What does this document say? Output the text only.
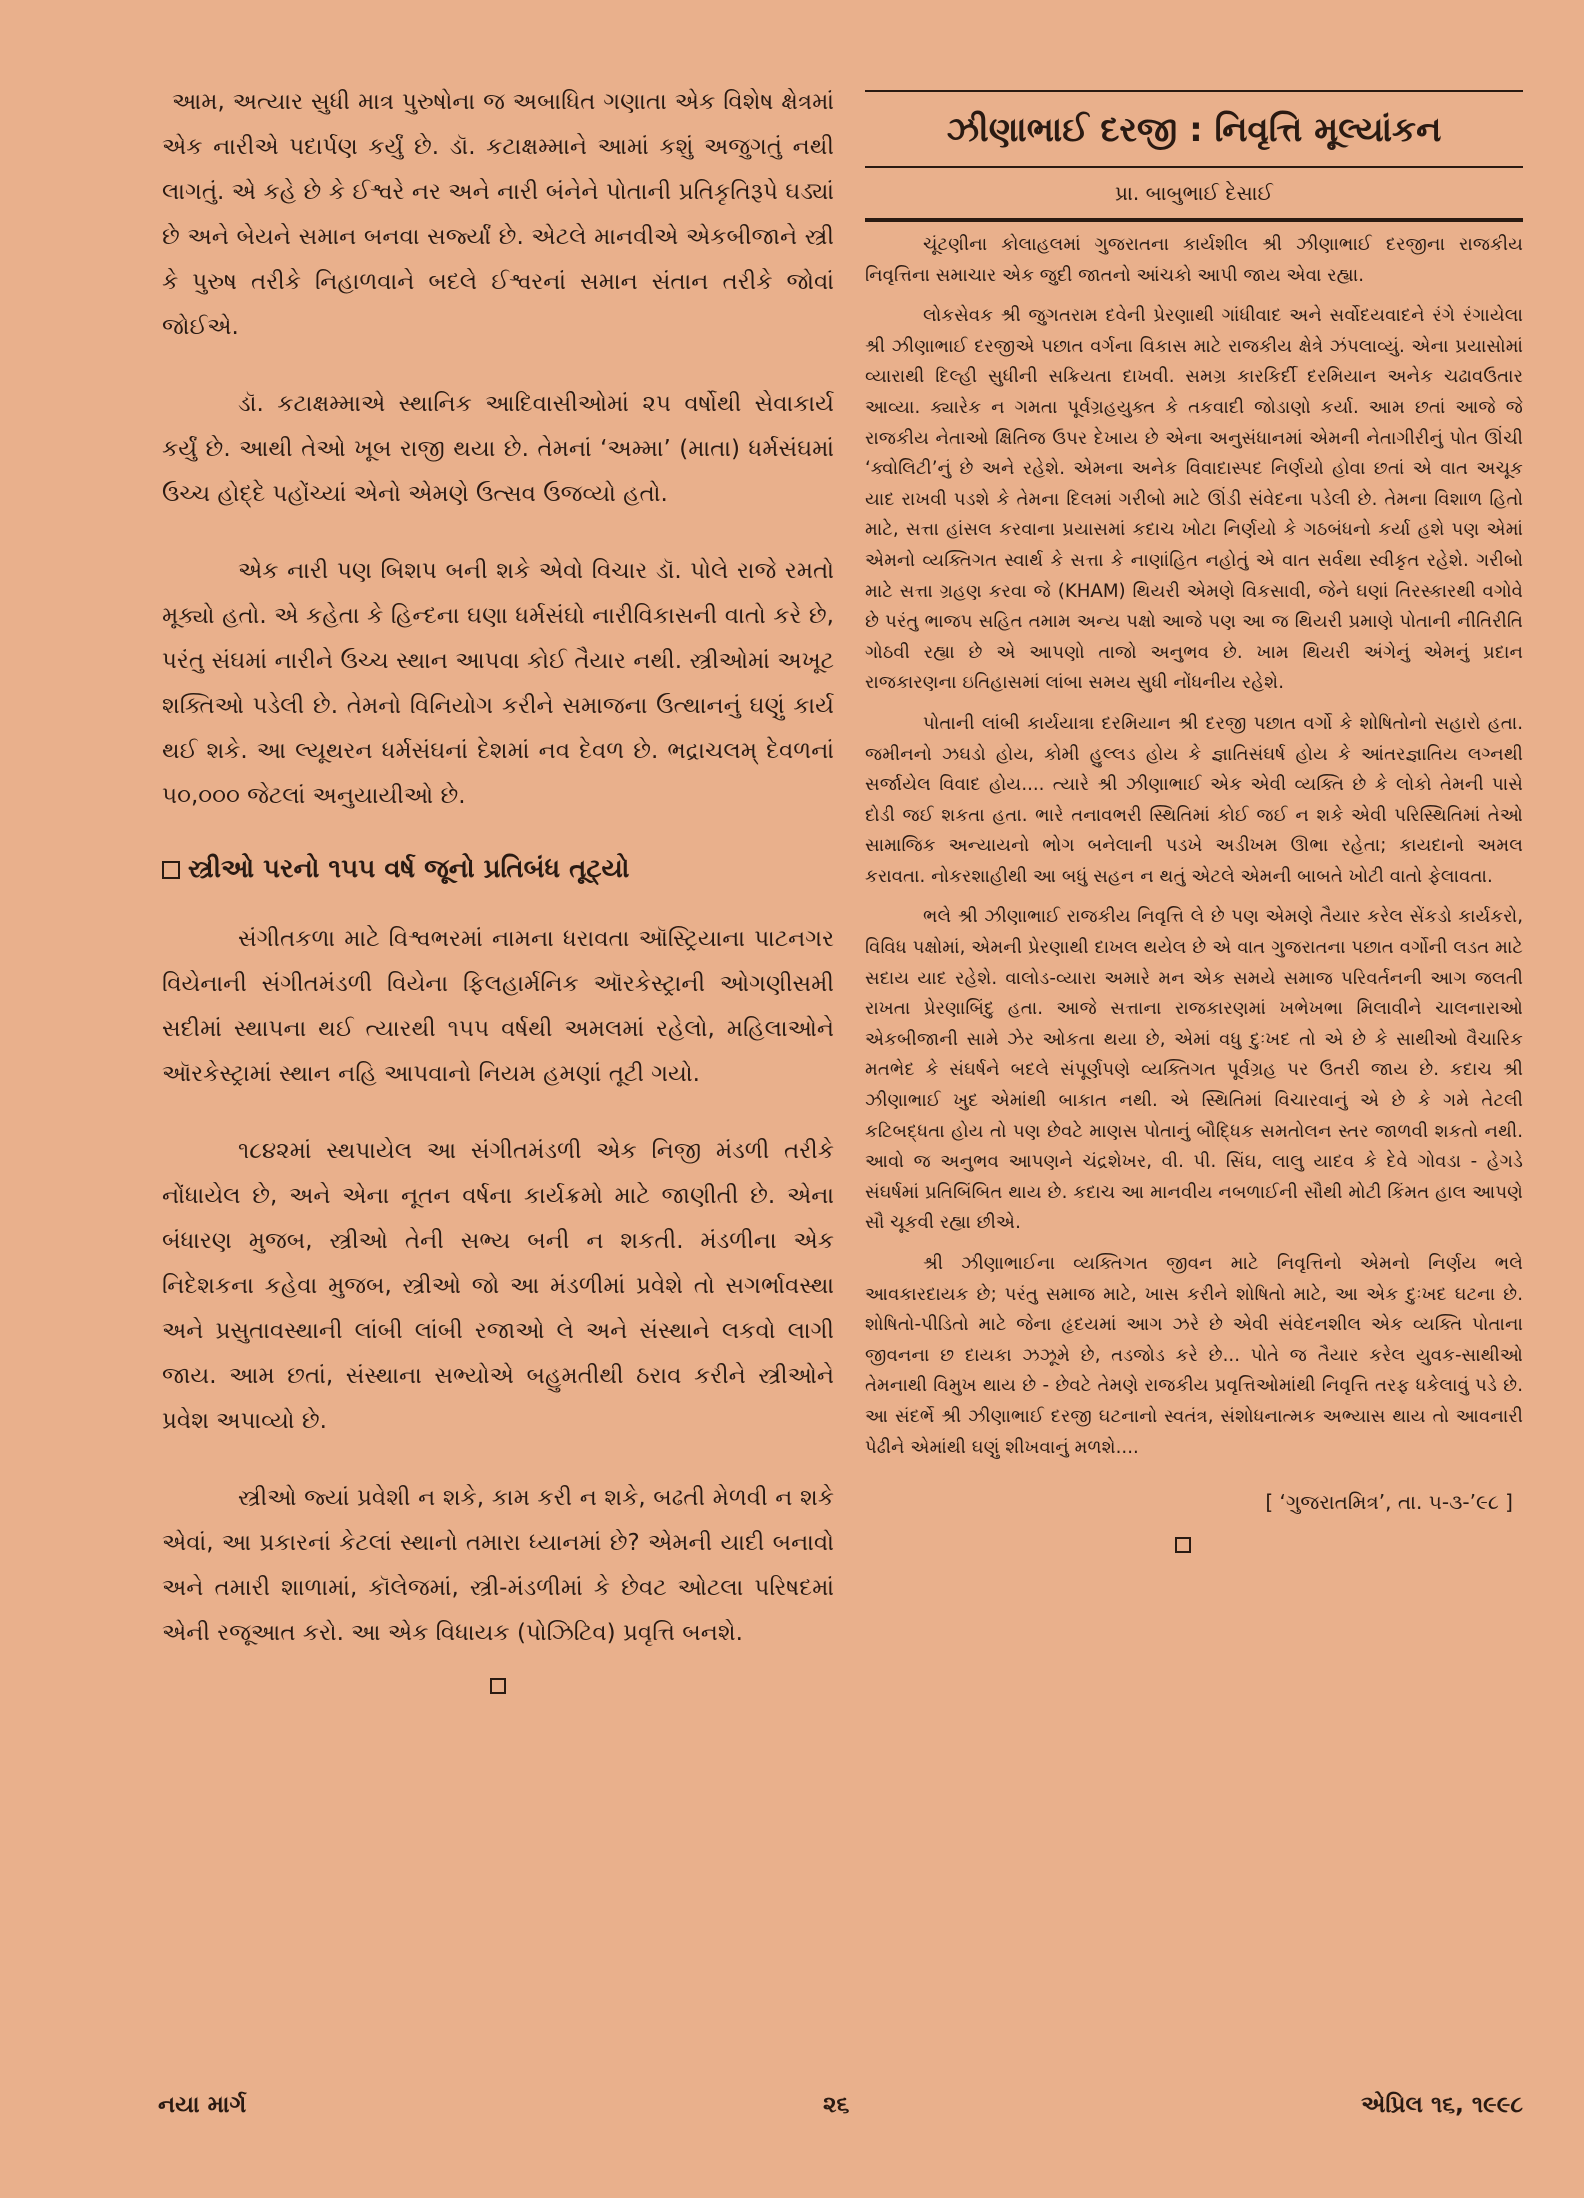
આમ, અત્યાર સુધી માત્ર પુરુષોના જ અબાધિત ગણાતા એક વિશેષ ક્ષેત્રમાં એક નારીએ પદાર્પણ કર્યું છે. ડૉ. કટાક્ષમ્માને આમાં કશું અજુગતું નથી લાગતું. એ કહે છે કે ઈશ્વરે નર અને નારી બંનેને પોતાની પ્રતિકૃતિરૂપે ઘડ્યાં છે અને બેયને સમાન બનવા સર્જ્યાં છે. એટલે માનવીએ એકબીજાને સ્ત્રી કે પુરુષ તરીકે નિહાળવાને બદલે ઈશ્વરનાં સમાન સંતાન તરીકે જોવાં જોઈએ.

ડૉ. કટાક્ષમ્માએ સ્થાનિક આદિવાસીઓમાં ૨૫ વર્ષોથી સેવાકાર્ય કર્યું છે. આથી તેઓ ખૂબ રાજી થયા છે. તેમનાં ‘અમ્મા’ (માતા) ધર્મસંઘમાં ઉચ્ચ હોદ્દે પહોંચ્યાં એનો એમણે ઉત્સવ ઉજવ્યો હતો.

એક નારી પણ બિશપ બની શકે એવો વિચાર ડૉ. પોલે રાજે રમતો મૂક્યો હતો. એ કહેતા કે હિન્દના ઘણા ધર્મસંઘો નારીવિકાસની વાતો કરે છે, પરંતુ સંઘમાં નારીને ઉચ્ચ સ્થાન આપવા કોઈ તૈયાર નથી. સ્ત્રીઓમાં અખૂટ શક્તિઓ પડેલી છે. તેમનો વિનિયોગ કરીને સમાજના ઉત્થાનનું ઘણું કાર્ય થઈ શકે. આ લ્યૂથરન ધર્મસંઘનાં દેશમાં નવ દેવળ છે. ભદ્રાચલમ્ દેવળનાં ૫૦,૦૦૦ જેટલાં અનુયાયીઓ છે.

સ્ત્રીઓ પરનો ૧૫૫ વર્ષ જૂનો પ્રતિબંધ તૂટ્યો

સંગીતકળા માટે વિશ્વભરમાં નામના ધરાવતા ઑસ્ટ્રિયાના પાટનગર વિયેનાની સંગીતમંડળી વિયેના ફિલહાર્મનિક ઑરકેસ્ટ્રાની ઓગણીસમી સદીમાં સ્થાપના થઈ ત્યારથી ૧૫૫ વર્ષથી અમલમાં રહેલો, મહિલાઓને ઑરકેસ્ટ્રામાં સ્થાન નહિ આપવાનો નિયમ હમણાં તૂટી ગયો.

૧૮૪૨માં સ્થપાયેલ આ સંગીતમંડળી એક નિજી મંડળી તરીકે નોંધાયેલ છે, અને એના નૂતન વર્ષના કાર્યક્રમો માટે જાણીતી છે. એના બંધારણ મુજબ, સ્ત્રીઓ તેની સભ્ય બની ન શકતી. મંડળીના એક નિદેશકના કહેવા મુજબ, સ્ત્રીઓ જો આ મંડળીમાં પ્રવેશે તો સગર્ભાવસ્થા અને પ્રસુતાવસ્થાની લાંબી લાંબી રજાઓ લે અને સંસ્થાને લકવો લાગી જાય. આમ છતાં, સંસ્થાના સભ્યોએ બહુમતીથી ઠરાવ કરીને સ્ત્રીઓને પ્રવેશ અપાવ્યો છે.

સ્ત્રીઓ જ્યાં પ્રવેશી ન શકે, કામ કરી ન શકે, બઢતી મેળવી ન શકે એવાં, આ પ્રકારનાં કેટલાં સ્થાનો તમારા ધ્યાનમાં છે? એમની યાદી બનાવો અને તમારી શાળામાં, કૉલેજમાં, સ્ત્રી-મંડળીમાં કે છેવટ ઓટલા પરિષદમાં એની રજૂઆત કરો. આ એક વિધાયક (પોઝિટિવ) પ્રવૃત્તિ બનશે.

ઝીણાભાઈ દરજી : નિવૃત્તિ મૂલ્યાંકન
પ્રા. બાબુભાઈ દેસાઈ

ચૂંટણીના કોલાહલમાં ગુજરાતના કાર્યશીલ શ્રી ઝીણાભાઈ દરજીના રાજકીય નિવૃત્તિના સમાચાર એક જુદી જાતનો આંચકો આપી જાય એવા રહ્યા.

લોકસેવક શ્રી જુગતરામ દવેની પ્રેરણાથી ગાંધીવાદ અને સર્વોદયવાદને રંગે રંગાયેલા શ્રી ઝીણાભાઈ દરજીએ પછાત વર્ગના વિકાસ માટે રાજકીય ક્ષેત્રે ઝંપલાવ્યું. એના પ્રયાસોમાં વ્યારાથી દિલ્હી સુધીની સક્રિયતા દાખવી. સમગ્ર કારકિર્દી દરમિયાન અનેક ચઢાવઉતાર આવ્યા. ક્યારેક ન ગમતા પૂર્વગ્રહયુક્ત કે તકવાદી જોડાણો કર્યા. આમ છતાં આજે જે રાજકીય નેતાઓ ક્ષિતિજ ઉપર દેખાય છે એના અનુસંધાનમાં એમની નેતાગીરીનું પોત ઊંચી ‘ક્વોલિટી’નું છે અને રહેશે. એમના અનેક વિવાદાસ્પદ નિર્ણયો હોવા છતાં એ વાત અચૂક યાદ રાખવી પડશે કે તેમના દિલમાં ગરીબો માટે ઊંડી સંવેદના પડેલી છે. તેમના વિશાળ હિતો માટે, સત્તા હાંસલ કરવાના પ્રયાસમાં કદાચ ખોટા નિર્ણયો કે ગઠબંધનો કર્યા હશે પણ એમાં એમનો વ્યક્તિગત સ્વાર્થ કે સત્તા કે નાણાંહિત નહોતું એ વાત સર્વથા સ્વીકૃત રહેશે. ગરીબો માટે સત્તા ગ્રહણ કરવા જે (KHAM) થિયરી એમણે વિકસાવી, જેને ઘણાં તિરસ્કારથી વગોવે છે પરંતુ ભાજપ સહિત તમામ અન્ય પક્ષો આજે પણ આ જ થિયરી પ્રમાણે પોતાની નીતિરીતિ ગોઠવી રહ્યા છે એ આપણો તાજો અનુભવ છે. ખામ થિયરી અંગેનું એમનું પ્રદાન રાજકારણના ઇતિહાસમાં લાંબા સમય સુધી નોંધનીય રહેશે.

પોતાની લાંબી કાર્યયાત્રા દરમિયાન શ્રી દરજી પછાત વર્ગો કે શોષિતોનો સહારો હતા. જમીનનો ઝઘડો હોય, કોમી હુલ્લડ હોય કે જ્ઞાતિસંઘર્ષ હોય કે આંતરજ્ઞાતિય લગ્નથી સર્જાયેલ વિવાદ હોય.... ત્યારે શ્રી ઝીણાભાઈ એક એવી વ્યક્તિ છે કે લોકો તેમની પાસે દોડી જઈ શકતા હતા. ભારે તનાવભરી સ્થિતિમાં કોઈ જઈ ન શકે એવી પરિસ્થિતિમાં તેઓ સામાજિક અન્યાયનો ભોગ બનેલાની પડખે અડીખમ ઊભા રહેતા; કાયદાનો અમલ કરાવતા. નોકરશાહીથી આ બધું સહન ન થતું એટલે એમની બાબતે ખોટી વાતો ફેલાવતા.

ભલે શ્રી ઝીણાભાઈ રાજકીય નિવૃત્તિ લે છે પણ એમણે તૈયાર કરેલ સેંકડો કાર્યકરો, વિવિધ પક્ષોમાં, એમની પ્રેરણાથી દાખલ થયેલ છે એ વાત ગુજરાતના પછાત વર્ગોની લડત માટે સદાય યાદ રહેશે. વાલોડ-વ્યારા અમારે મન એક સમયે સમાજ પરિવર્તનની આગ જલતી રાખતા પ્રેરણાબિંદુ હતા. આજે સત્તાના રાજકારણમાં ખભેખભા મિલાવીને ચાલનારાઓ એકબીજાની સામે ઝેર ઓકતા થયા છે, એમાં વધુ દુઃખદ તો એ છે કે સાથીઓ વૈચારિક મતભેદ કે સંઘર્ષને બદલે સંપૂર્ણપણે વ્યક્તિગત પૂર્વગ્રહ પર ઉતરી જાય છે. કદાચ શ્રી ઝીણાભાઈ ખુદ એમાંથી બાકાત નથી. એ સ્થિતિમાં વિચારવાનું એ છે કે ગમે તેટલી કટિબદ્ધતા હોય તો પણ છેવટે માણસ પોતાનું બૌદ્ધિક સમતોલન સ્તર જાળવી શકતો નથી. આવો જ અનુભવ આપણને ચંદ્રશેખર, વી. પી. સિંઘ, લાલુ યાદવ કે દેવે ગોવડા - હેગડે સંઘર્ષમાં પ્રતિબિંબિત થાય છે. કદાચ આ માનવીય નબળાઈની સૌથી મોટી કિંમત હાલ આપણે સૌ ચૂકવી રહ્યા છીએ.

શ્રી ઝીણાભાઈના વ્યક્તિગત જીવન માટે નિવૃત્તિનો એમનો નિર્ણય ભલે આવકારદાયક છે; પરંતુ સમાજ માટે, ખાસ કરીને શોષિતો માટે, આ એક દુઃખદ ઘટના છે. શોષિતો-પીડિતો માટે જેના હૃદયમાં આગ ઝરે છે એવી સંવેદનશીલ એક વ્યક્તિ પોતાના જીવનના છ દાયકા ઝઝૂમે છે, તડજોડ કરે છે... પોતે જ તૈયાર કરેલ યુવક-સાથીઓ તેમનાથી વિમુખ થાય છે - છેવટે તેમણે રાજકીય પ્રવૃત્તિઓમાંથી નિવૃત્તિ તરફ ધકેલાવું પડે છે. આ સંદર્ભે શ્રી ઝીણાભાઈ દરજી ઘટનાનો સ્વતંત્ર, સંશોધનાત્મક અભ્યાસ થાય તો આવનારી પેઢીને એમાંથી ઘણું શીખવાનું મળશે....

[ ‘ગુજરાતમિત્ર’, તા. ૫-૩-’૯૮ ]
નયા માર્ગ	૨૬	એપ્રિલ ૧૬, ૧૯૯૮
